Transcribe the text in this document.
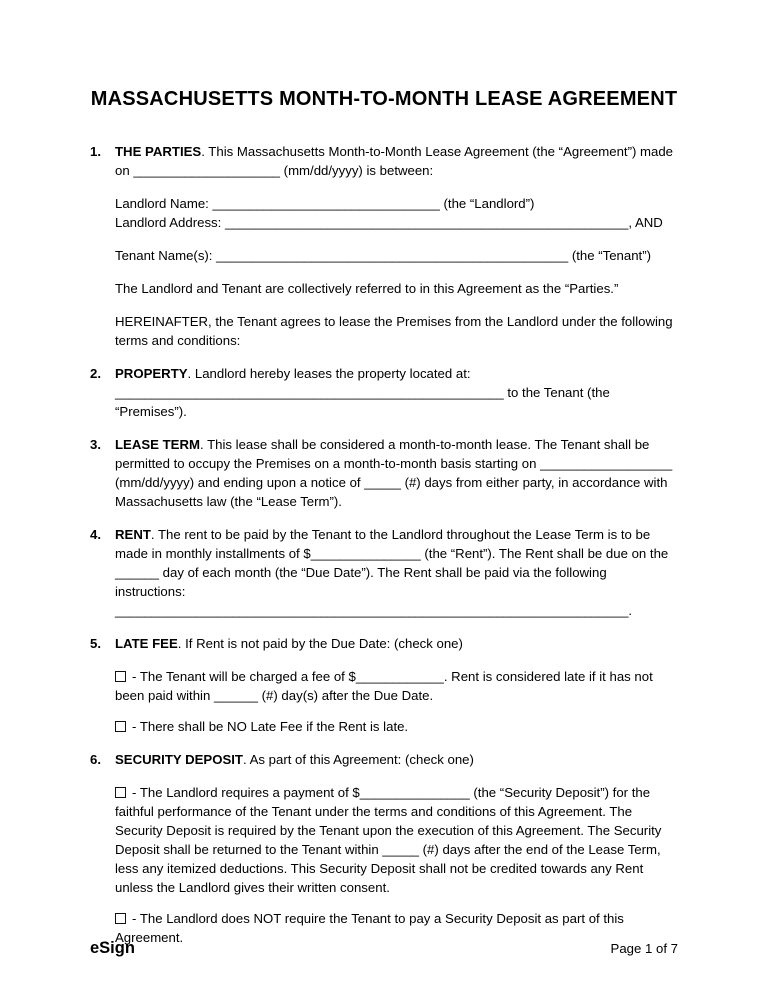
MASSACHUSETTS MONTH-TO-MONTH LEASE AGREEMENT
1.	THE PARTIES. This Massachusetts Month-to-Month Lease Agreement (the “Agreement”) made on ____________________ (mm/dd/yyyy) is between:

Landlord Name: _______________________________ (the “Landlord”)
Landlord Address: _______________________________________________________, AND

Tenant Name(s): ________________________________________________ (the “Tenant”)

The Landlord and Tenant are collectively referred to in this Agreement as the “Parties.”

HEREINAFTER, the Tenant agrees to lease the Premises from the Landlord under the following terms and conditions:

2.	PROPERTY. Landlord hereby leases the property located at:

_____________________________________________________ to the Tenant (the “Premises”).

3.	LEASE TERM. This lease shall be considered a month-to-month lease. The Tenant shall be permitted to occupy the Premises on a month-to-month basis starting on __________________ (mm/dd/yyyy) and ending upon a notice of _____ (#) days from either party, in accordance with Massachusetts law (the “Lease Term”).

4.	RENT. The rent to be paid by the Tenant to the Landlord throughout the Lease Term is to be made in monthly installments of $_______________ (the “Rent”). The Rent shall be due on the ______ day of each month (the “Due Date”). The Rent shall be paid via the following instructions: ______________________________________________________________________.

5.	LATE FEE. If Rent is not paid by the Due Date: (check one)

- The Tenant will be charged a fee of $____________. Rent is considered late if it has not been paid within ______ (#) day(s) after the Due Date.
- There shall be NO Late Fee if the Rent is late.
6.	SECURITY DEPOSIT. As part of this Agreement: (check one)

- The Landlord requires a payment of $_______________ (the “Security Deposit”) for the faithful performance of the Tenant under the terms and conditions of this Agreement. The Security Deposit is required by the Tenant upon the execution of this Agreement. The Security Deposit shall be returned to the Tenant within _____ (#) days after the end of the Lease Term, less any itemized deductions. This Security Deposit shall not be credited towards any Rent unless the Landlord gives their written consent.
- The Landlord does NOT require the Tenant to pay a Security Deposit as part of this Agreement.
eSign	Page 1 of 7
